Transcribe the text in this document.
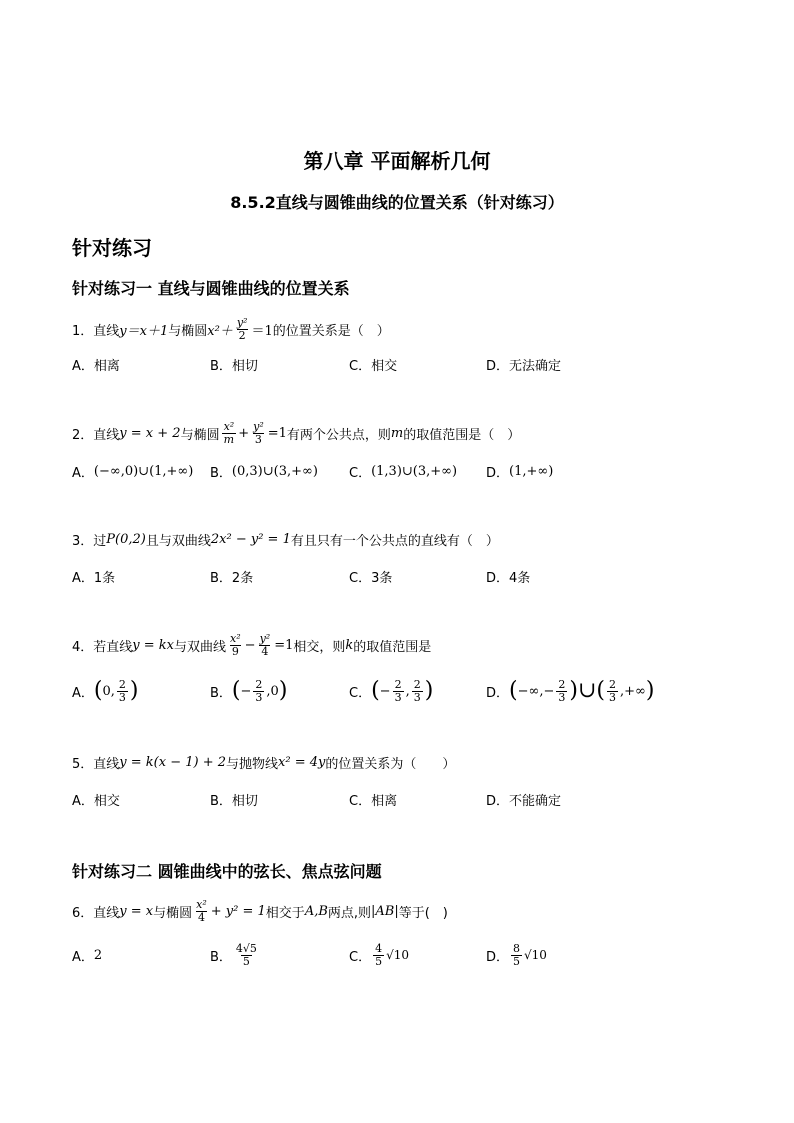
第八章 平面解析几何
8.5.2直线与圆锥曲线的位置关系（针对练习）
针对练习
针对练习一 直线与圆锥曲线的位置关系
1． 直线 y＝x＋1 与椭圆 $x^2+ \frac{\text{y²}}{2} =1$ 的位置关系是（　）
A． 相离	B． 相切	C． 相交	D． 无法确定
2． 直线 y = x + 2 与椭圆 $\frac{\text{x²}}{m} + \frac{\text{y²}}{3} =1$ 有两个公共点，则 m 的取值范围是（　）
A． (−∞,0)∪(1,+∞) B． (0,3)∪(3,+∞) C． (1,3)∪(3,+∞) D． (1,+∞)
3． 过 P(0,2) 且与双曲线 2x² − y² = 1 有且只有一个公共点的直线有（　）
A． 1条	B． 2条	C． 3条	D． 4条
4． 若直线 y = kx 与双曲线 $\frac{\text{x²}}{9} - \frac{\text{y²}}{4} =1$ 相交，则 k 的取值范围是
A． ( 0, $\frac{2}{3}$ )	B． ( − $\frac{2}{3} ,0$ )	C． ( − $\frac{2}{3}$ , $\frac{2}{3}$ )	D． ( −∞,− $\frac{2}{3}$ ) ∪ ( $\frac{2}{3}$ ,+∞ )
5． 直线 y = k(x − 1) + 2 与抛物线 x² = 4y 的位置关系为（　　）
A． 相交	B． 相切	C． 相离	D． 不能确定
针对练习二 圆锥曲线中的弦长、焦点弦问题
6． 直线 y = x 与椭圆 $\frac{\text{x²}}{4} + y^2 = 1$ 相交于 A,B 两点,则 |AB| 等于(　)
A． 2	B． $\frac{4√5}{5}$	C． $\frac{4}{5} √10$	D． $\frac{8}{5} √10$
